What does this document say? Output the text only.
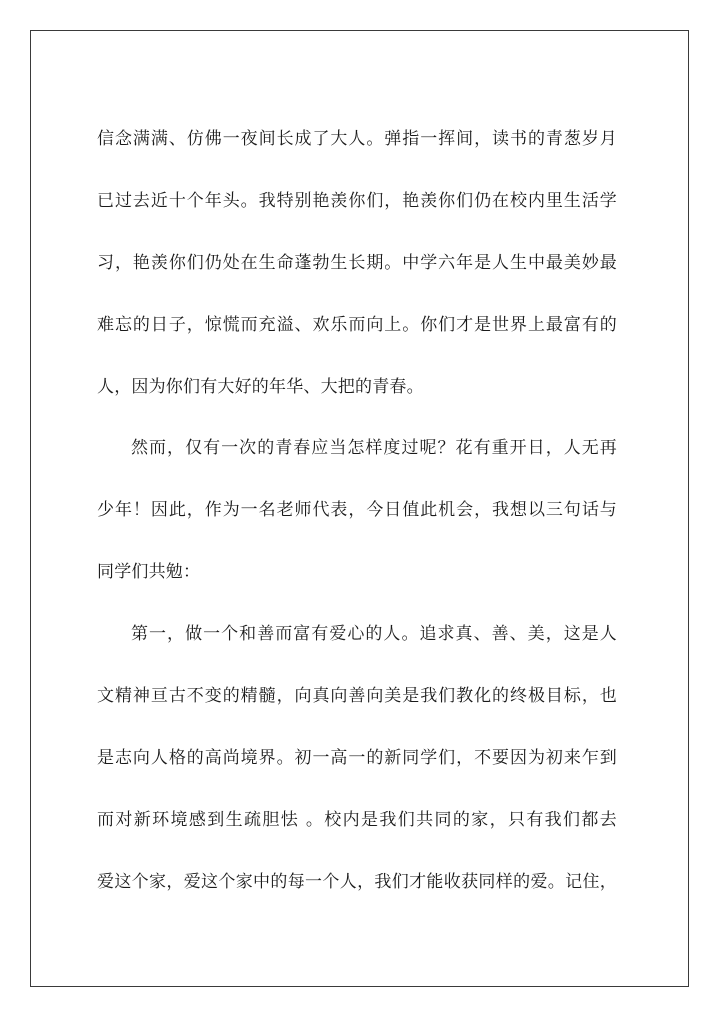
信念满满、仿佛一夜间长成了大人。弹指一挥间，读书的青葱岁月
已过去近十个年头。我特别艳羡你们，艳羡你们仍在校内里生活学
习，艳羡你们仍处在生命蓬勃生长期。中学六年是人生中最美妙最
难忘的日子，惊慌而充溢、欢乐而向上。你们才是世界上最富有的
人，因为你们有大好的年华、大把的青春。
然而，仅有一次的青春应当怎样度过呢？花有重开日，人无再
少年！因此，作为一名老师代表，今日值此机会，我想以三句话与
同学们共勉：
第一，做一个和善而富有爱心的人。追求真、善、美，这是人
文精神亘古不变的精髓，向真向善向美是我们教化的终极目标，也
是志向人格的高尚境界。初一高一的新同学们，不要因为初来乍到
而对新环境感到生疏胆怯 。校内是我们共同的家，只有我们都去
爱这个家，爱这个家中的每一个人，我们才能收获同样的爱。记住，
